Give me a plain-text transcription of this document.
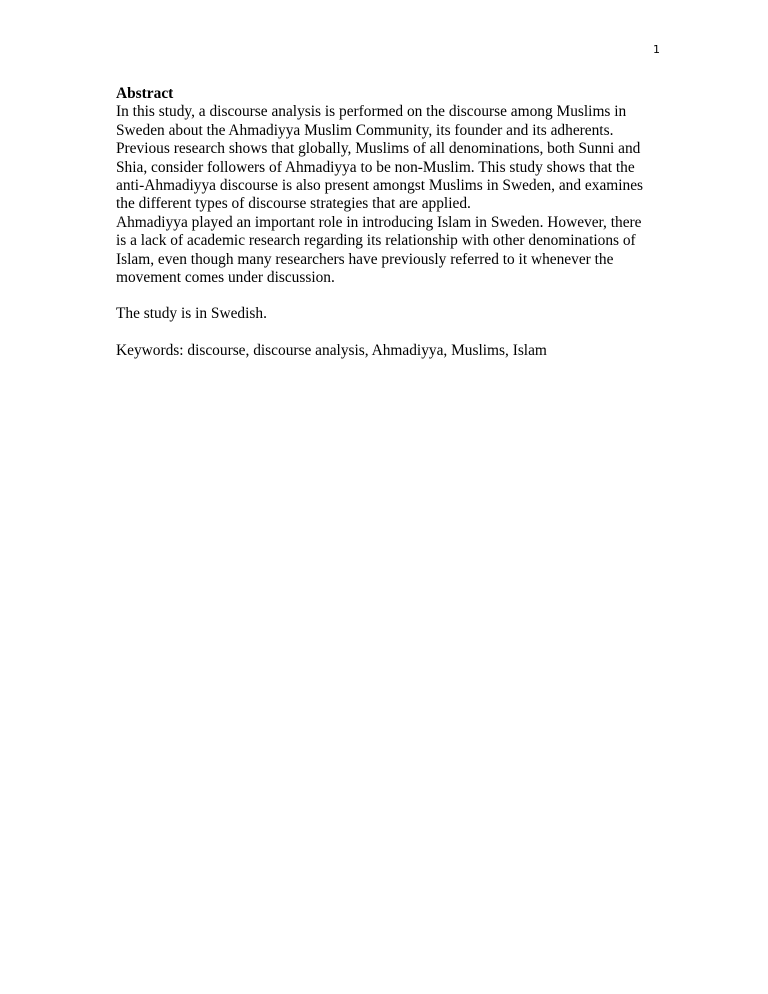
1

Abstract

In this study, a discourse analysis is performed on the discourse among Muslims in Sweden about the Ahmadiyya Muslim Community, its founder and its adherents. Previous research shows that globally, Muslims of all denominations, both Sunni and Shia, consider followers of Ahmadiyya to be non-Muslim. This study shows that the anti-Ahmadiyya discourse is also present amongst Muslims in Sweden, and examines the different types of discourse strategies that are applied.

Ahmadiyya played an important role in introducing Islam in Sweden. However, there is a lack of academic research regarding its relationship with other denominations of Islam, even though many researchers have previously referred to it whenever the movement comes under discussion.

The study is in Swedish.

Keywords: discourse, discourse analysis, Ahmadiyya, Muslims, Islam
